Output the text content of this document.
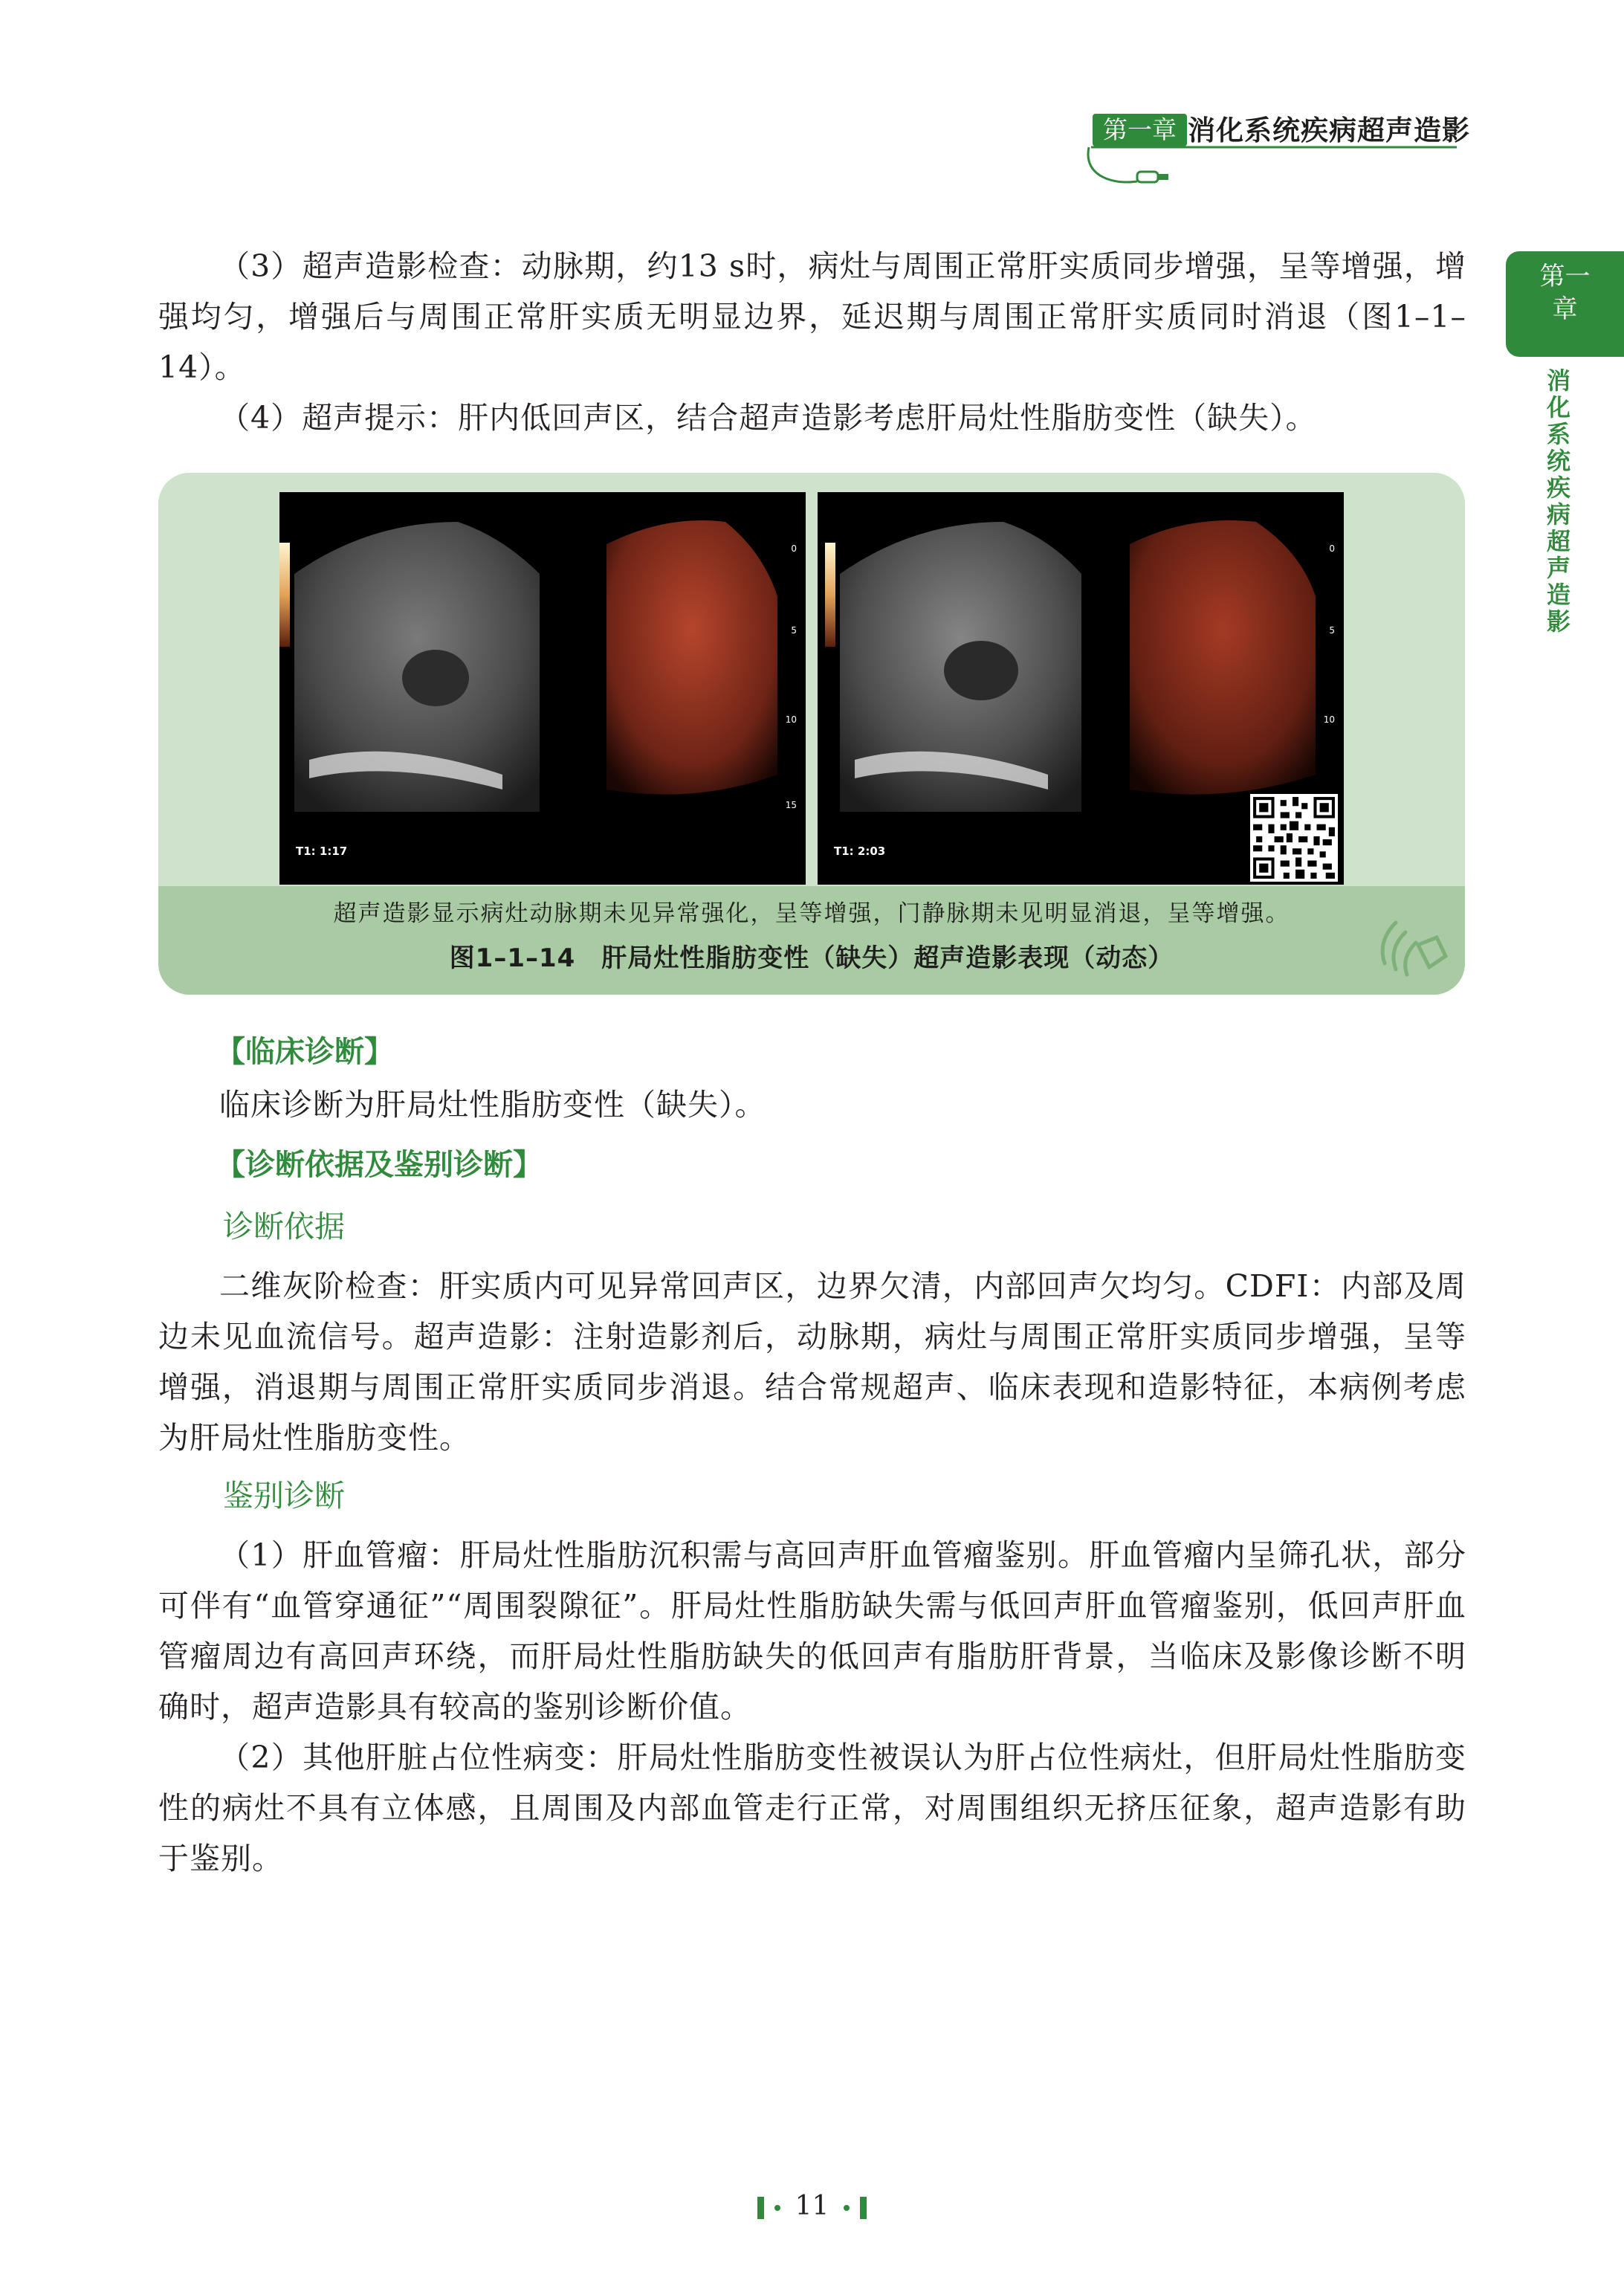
第一章 消化系统疾病超声造影
第一
章
消化系统疾病超声造影
（3）超声造影检查：动脉期，约13 s时，病灶与周围正常肝实质同步增强，呈等增强，增强均匀，增强后与周围正常肝实质无明显边界，延迟期与周围正常肝实质同时消退（图1–1–14）。
（4）超声提示：肝内低回声区，结合超声造影考虑肝局灶性脂肪变性（缺失）。
0
5
10
15
T1: 1:17
0
5
10
T1: 2:03
超声造影显示病灶动脉期未见异常强化，呈等增强，门静脉期未见明显消退，呈等增强。
图1–1–14　肝局灶性脂肪变性（缺失）超声造影表现（动态）
【临床诊断】
临床诊断为肝局灶性脂肪变性（缺失）。
【诊断依据及鉴别诊断】
诊断依据
二维灰阶检查：肝实质内可见异常回声区，边界欠清，内部回声欠均匀。CDFI：内部及周边未见血流信号。超声造影：注射造影剂后，动脉期，病灶与周围正常肝实质同步增强，呈等增强，消退期与周围正常肝实质同步消退。结合常规超声、临床表现和造影特征，本病例考虑为肝局灶性脂肪变性。
鉴别诊断
（1）肝血管瘤：肝局灶性脂肪沉积需与高回声肝血管瘤鉴别。肝血管瘤内呈筛孔状，部分可伴有“血管穿通征”“周围裂隙征”。肝局灶性脂肪缺失需与低回声肝血管瘤鉴别，低回声肝血管瘤周边有高回声环绕，而肝局灶性脂肪缺失的低回声有脂肪肝背景，当临床及影像诊断不明确时，超声造影具有较高的鉴别诊断价值。
（2）其他肝脏占位性病变：肝局灶性脂肪变性被误认为肝占位性病灶，但肝局灶性脂肪变性的病灶不具有立体感，且周围及内部血管走行正常，对周围组织无挤压征象，超声造影有助于鉴别。
11
